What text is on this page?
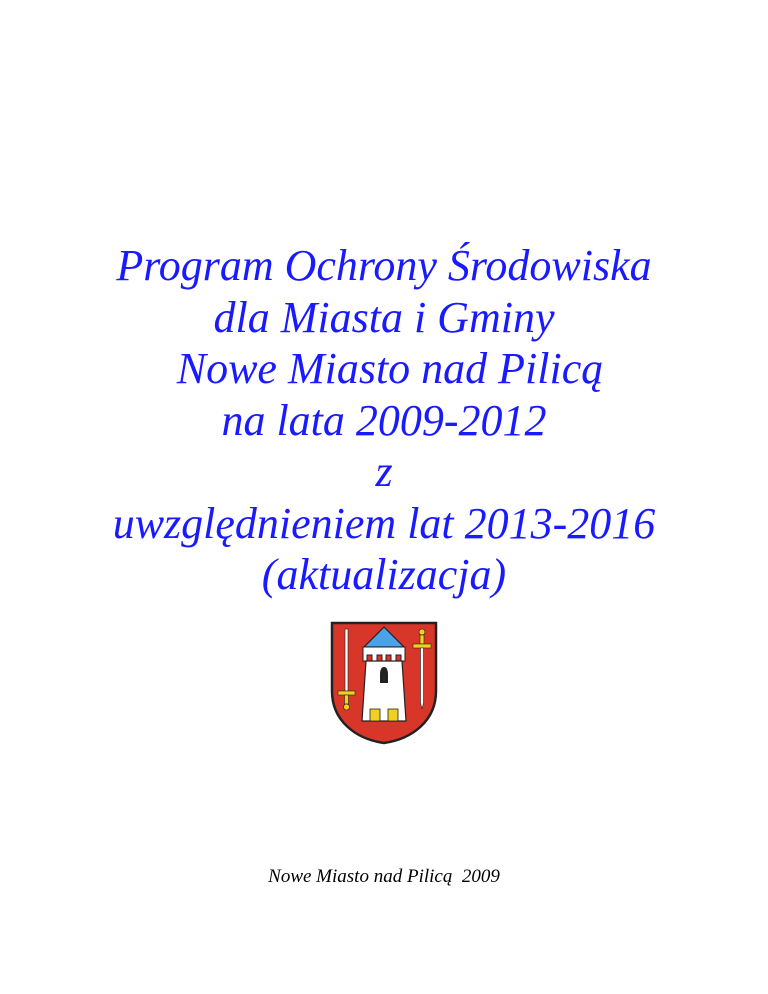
Program Ochrony Środowiska
dla Miasta i Gminy
Nowe Miasto nad Pilicą
na lata 2009-2012
z
uwzględnieniem lat 2013-2016
(aktualizacja)
Nowe Miasto nad Pilicą  2009
